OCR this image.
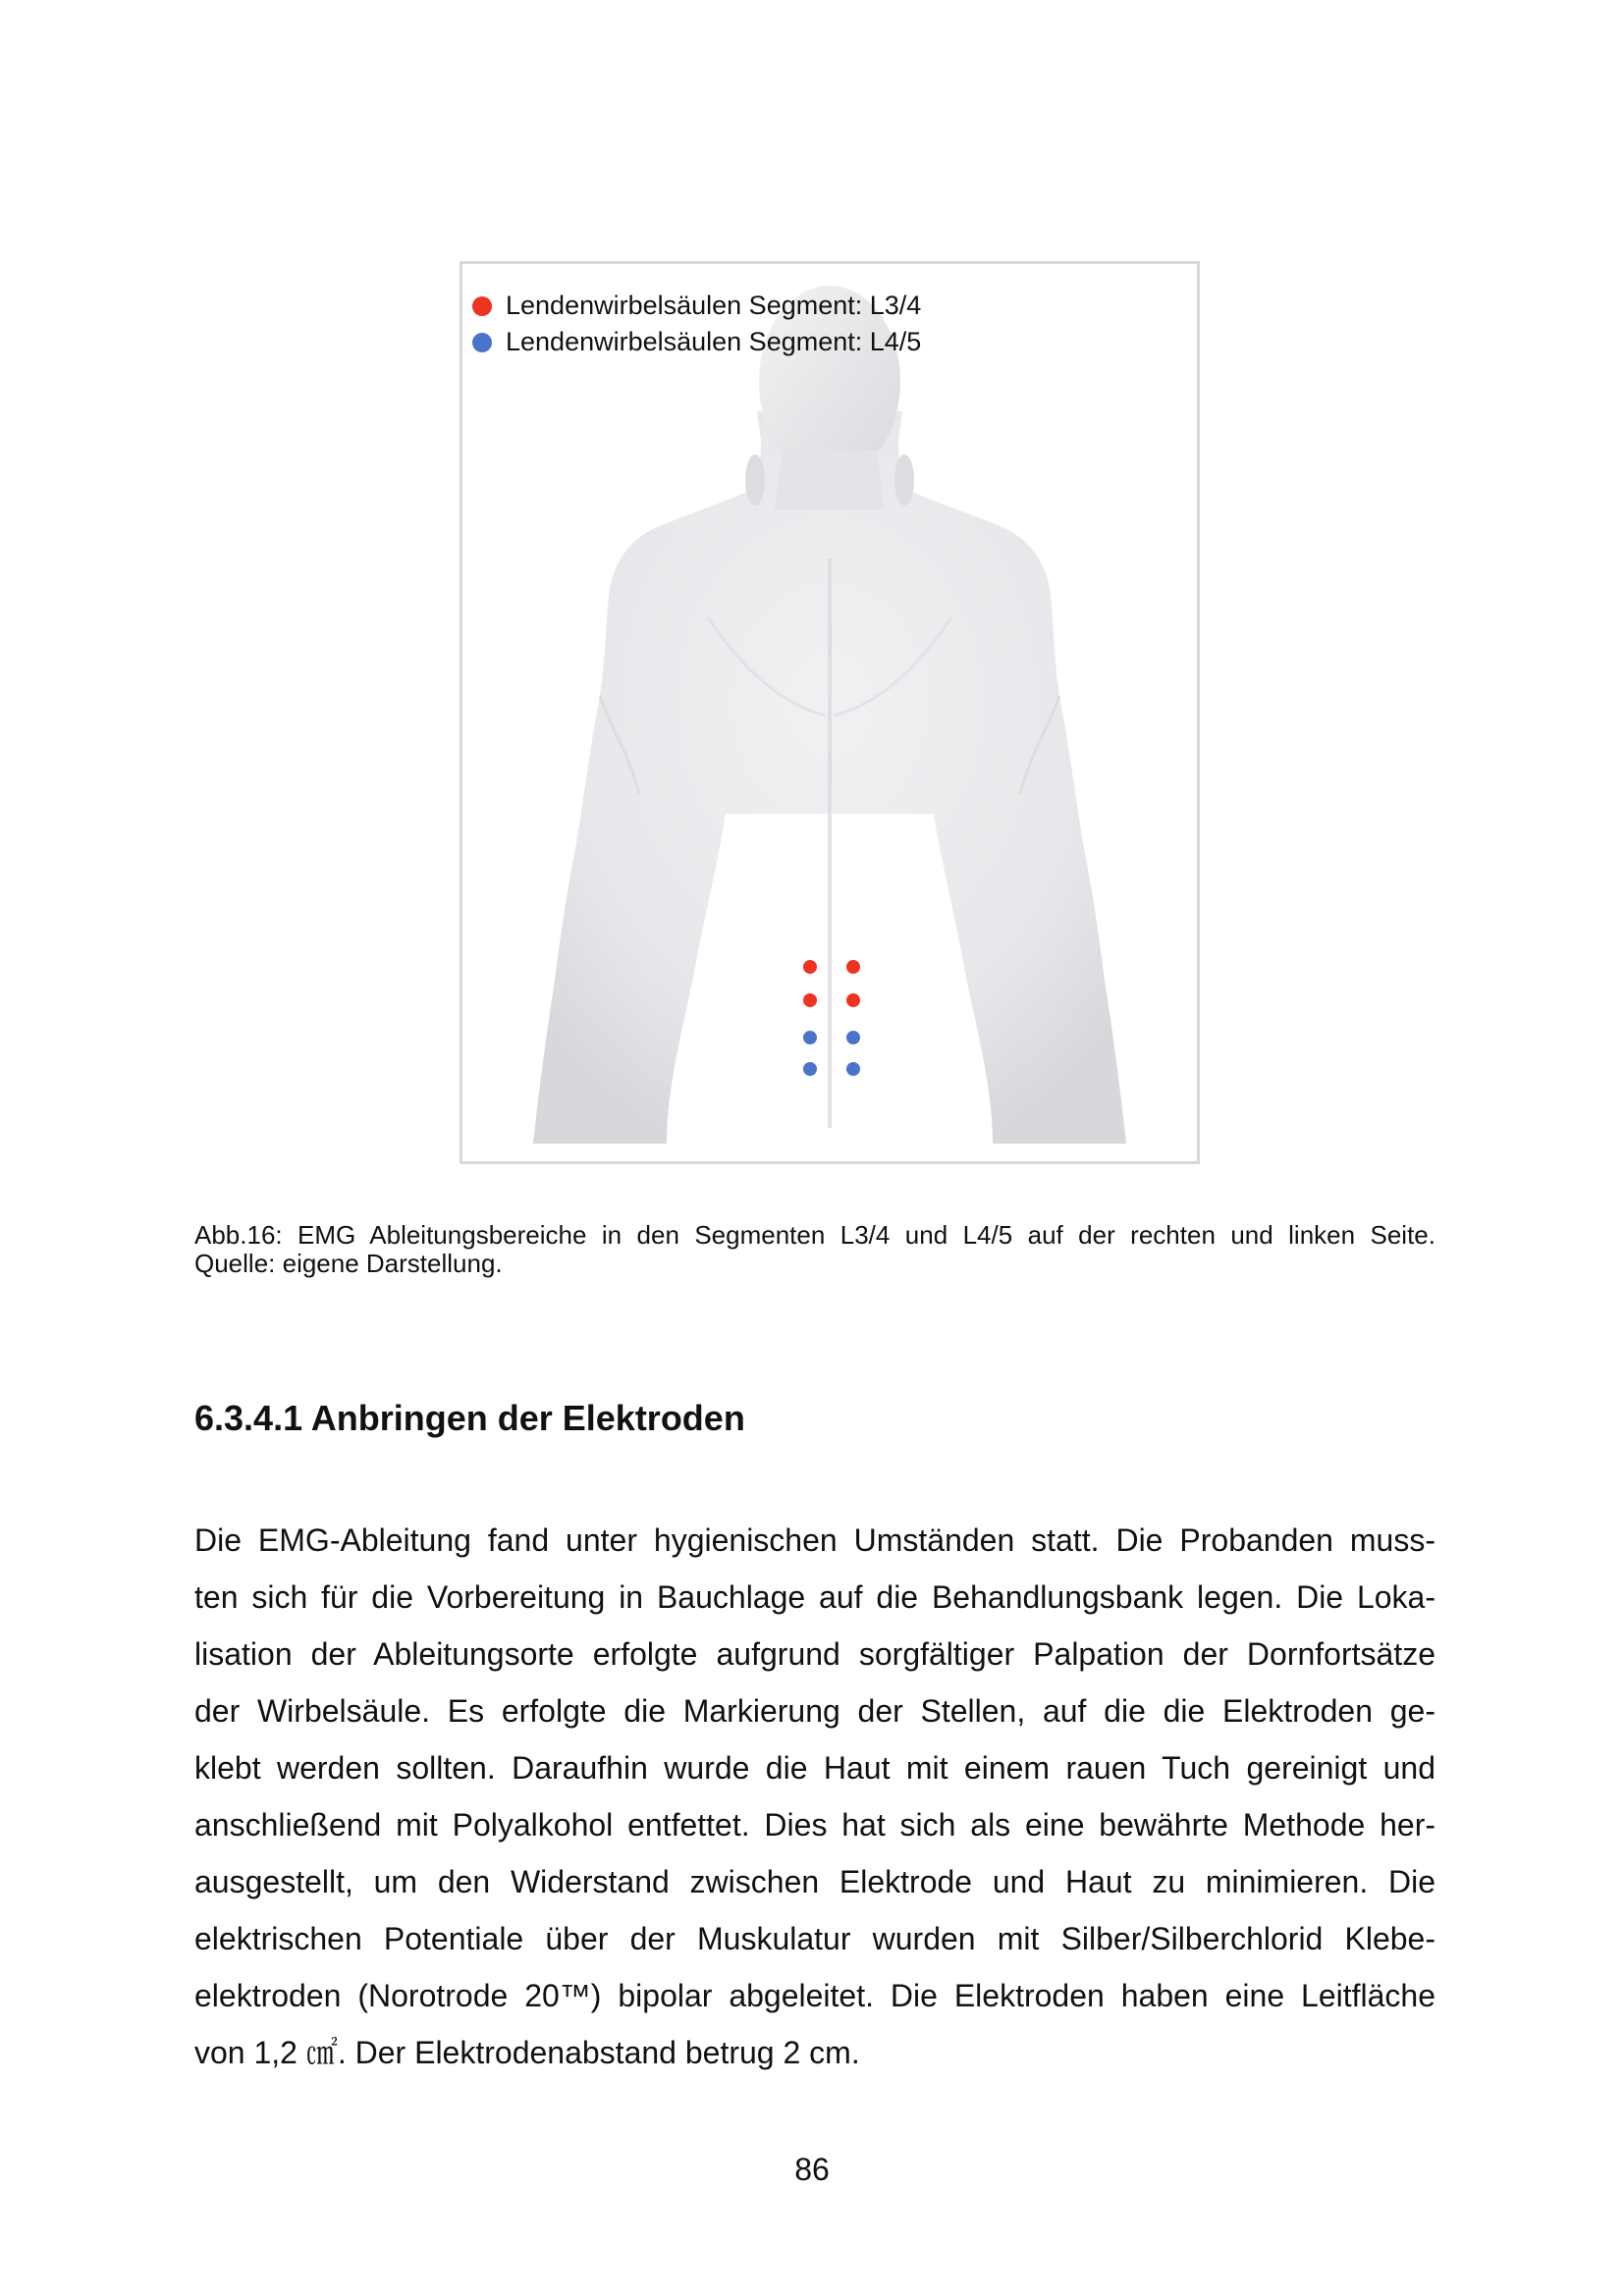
Lendenwirbelsäulen Segment: L3/4
Lendenwirbelsäulen Segment: L4/5
Abb.16: EMG Ableitungsbereiche in den Segmenten L3/4 und L4/5 auf der rechten und linken Seite.
Quelle: eigene Darstellung.
6.3.4.1 Anbringen der Elektroden
Die EMG-Ableitung fand unter hygienischen Umständen statt. Die Probanden muss-
ten sich für die Vorbereitung in Bauchlage auf die Behandlungsbank legen. Die Loka-
lisation der Ableitungsorte erfolgte aufgrund sorgfältiger Palpation der Dornfortsätze
der Wirbelsäule. Es erfolgte die Markierung der Stellen, auf die die Elektroden ge-
klebt werden sollten. Daraufhin wurde die Haut mit einem rauen Tuch gereinigt und
anschließend mit Polyalkohol entfettet. Dies hat sich als eine bewährte Methode her-
ausgestellt, um den Widerstand zwischen Elektrode und Haut zu minimieren. Die
elektrischen Potentiale über der Muskulatur wurden mit Silber/Silberchlorid Klebe-
elektroden (Norotrode 20™) bipolar abgeleitet. Die Elektroden haben eine Leitfläche
von 1,2 ㎠. Der Elektrodenabstand betrug 2 cm.
86
